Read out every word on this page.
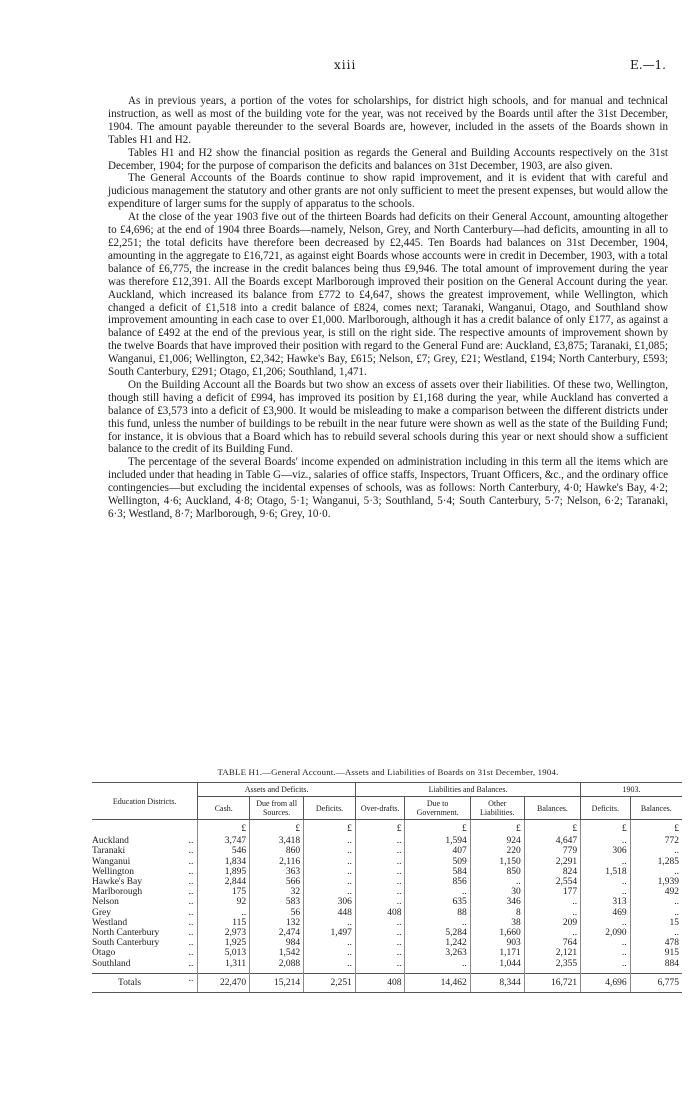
xiii	E.—1.

As in previous years, a portion of the votes for scholarships, for district high schools, and for manual and technical instruction, as well as most of the building vote for the year, was not received by the Boards until after the 31st December, 1904. The amount payable thereunder to the several Boards are, however, included in the assets of the Boards shown in Tables H1 and H2.

Tables H1 and H2 show the financial position as regards the General and Building Accounts respectively on the 31st December, 1904; for the purpose of comparison the deficits and balances on 31st December, 1903, are also given.

The General Accounts of the Boards continue to show rapid improvement, and it is evident that with careful and judicious management the statutory and other grants are not only sufficient to meet the present expenses, but would allow the expenditure of larger sums for the supply of apparatus to the schools.

At the close of the year 1903 five out of the thirteen Boards had deficits on their General Account, amounting altogether to £4,696; at the end of 1904 three Boards—namely, Nelson, Grey, and North Canterbury—had deficits, amounting in all to £2,251; the total deficits have therefore been decreased by £2,445. Ten Boards had balances on 31st December, 1904, amounting in the aggregate to £16,721, as against eight Boards whose accounts were in credit in December, 1903, with a total balance of £6,775, the increase in the credit balances being thus £9,946. The total amount of improvement during the year was therefore £12,391. All the Boards except Marlborough improved their position on the General Account during the year. Auckland, which increased its balance from £772 to £4,647, shows the greatest improvement, while Wellington, which changed a deficit of £1,518 into a credit balance of £824, comes next; Taranaki, Wanganui, Otago, and Southland show improvement amounting in each case to over £1,000. Marlborough, although it has a credit balance of only £177, as against a balance of £492 at the end of the previous year, is still on the right side. The respective amounts of improvement shown by the twelve Boards that have improved their position with regard to the General Fund are: Auckland, £3,875; Taranaki, £1,085; Wanganui, £1,006; Wellington, £2,342; Hawke's Bay, £615; Nelson, £7; Grey, £21; Westland, £194; North Canterbury, £593; South Canterbury, £291; Otago, £1,206; Southland, 1,471.

On the Building Account all the Boards but two show an excess of assets over their liabilities. Of these two, Wellington, though still having a deficit of £994, has improved its position by £1,168 during the year, while Auckland has converted a balance of £3,573 into a deficit of £3,900. It would be misleading to make a comparison between the different districts under this fund, unless the number of buildings to be rebuilt in the near future were shown as well as the state of the Building Fund; for instance, it is obvious that a Board which has to rebuild several schools during this year or next should show a sufficient balance to the credit of its Building Fund.

The percentage of the several Boards' income expended on administration including in this term all the items which are included under that heading in Table G—viz., salaries of office staffs, Inspectors, Truant Officers, &c., and the ordinary office contingencies—but excluding the incidental expenses of schools, was as follows: North Canterbury, 4·0; Hawke's Bay, 4·2; Wellington, 4·6; Auckland, 4·8; Otago, 5·1; Wanganui, 5·3; Southland, 5·4; South Canterbury, 5·7; Nelson, 6·2; Taranaki, 6·3; Westland, 8·7; Marlborough, 9·6; Grey, 10·0.

TABLE H1.—General Account.—Assets and Liabilities of Boards on 31st December, 1904.
Education Districts.	Assets and Deficits.			Liabilities and Balances.				1903.	
	Cash.	Due from all Sources.	Deficits.	Over-drafts.	Due to Government.	Other Liabilities.	Balances.	Deficits.	Balances.
	£	£	£	£	£	£	£	£	£
Auckland ..	3,747	3,418	..	..	1,594	924	4,647	..	772
Taranaki ..	546	860	..	..	407	220	779	306	..
Wanganui ..	1,834	2,116	..	..	509	1,150	2,291	..	1,285
Wellington ..	1,895	363	..	..	584	850	824	1,518	..
Hawke's Bay ..	2,844	566	..	..	856	..	2,554	..	1,939
Marlborough ..	175	32	..	..	..	30	177	..	492
Nelson ..	92	583	306	..	635	346	..	313	..
Grey ..	..	56	448	408	88	8	..	469	..
Westland ..	115	132	..	..	..	38	209	..	15
North Canterbury ..	2,973	2,474	1,497	..	5,284	1,660	..	2,090	..
South Canterbury ..	1,925	984	..	..	1,242	903	764	..	478
Otago ..	5,013	1,542	..	..	3,263	1,171	2,121	..	915
Southland ..	1,311	2,088	..	..	..	1,044	2,355	..	884

Totals ..	22,470	15,214	2,251	408	14,462	8,344	16,721	4,696	6,775
